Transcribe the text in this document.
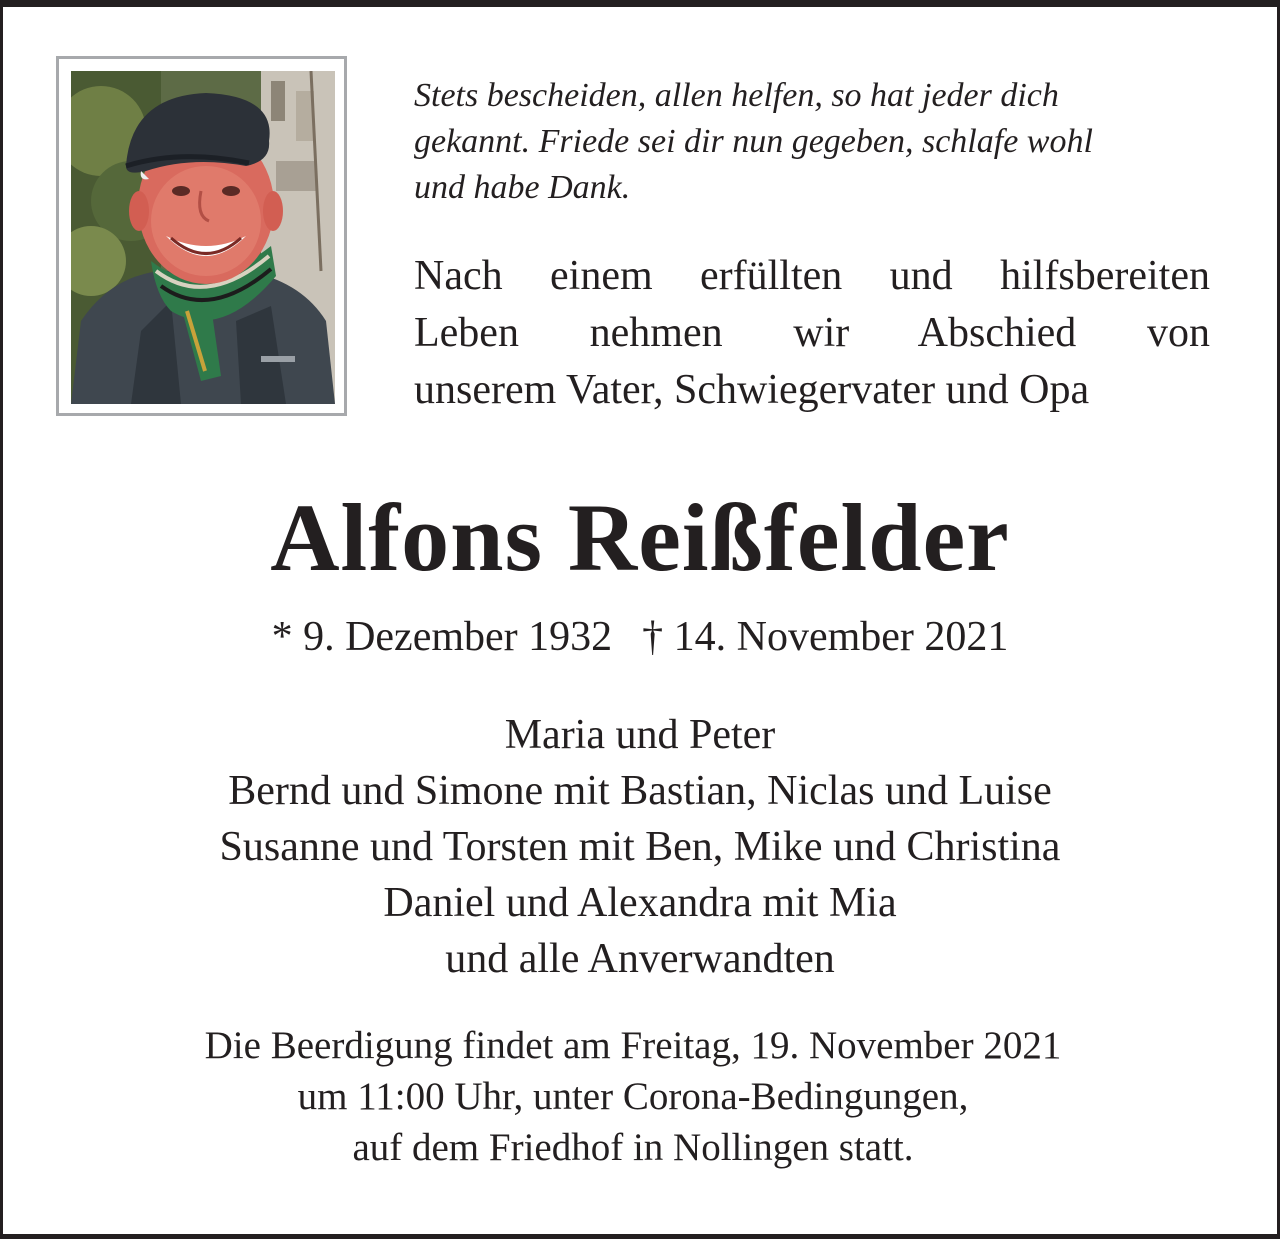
Stets bescheiden, allen helfen, so hat jeder dich
gekannt. Friede sei dir nun gegeben, schlafe wohl
und habe Dank.
Nach einem erfüllten und hilfsbereiten
Leben nehmen wir Abschied von
unserem Vater, Schwiegervater und Opa
Alfons Reißfelder
* 9. Dezember 1932 † 14. November 2021
Maria und Peter
Bernd und Simone mit Bastian, Niclas und Luise
Susanne und Torsten mit Ben, Mike und Christina
Daniel und Alexandra mit Mia
und alle Anverwandten
Die Beerdigung findet am Freitag, 19. November 2021
um 11:00 Uhr, unter Corona-Bedingungen,
auf dem Friedhof in Nollingen statt.
